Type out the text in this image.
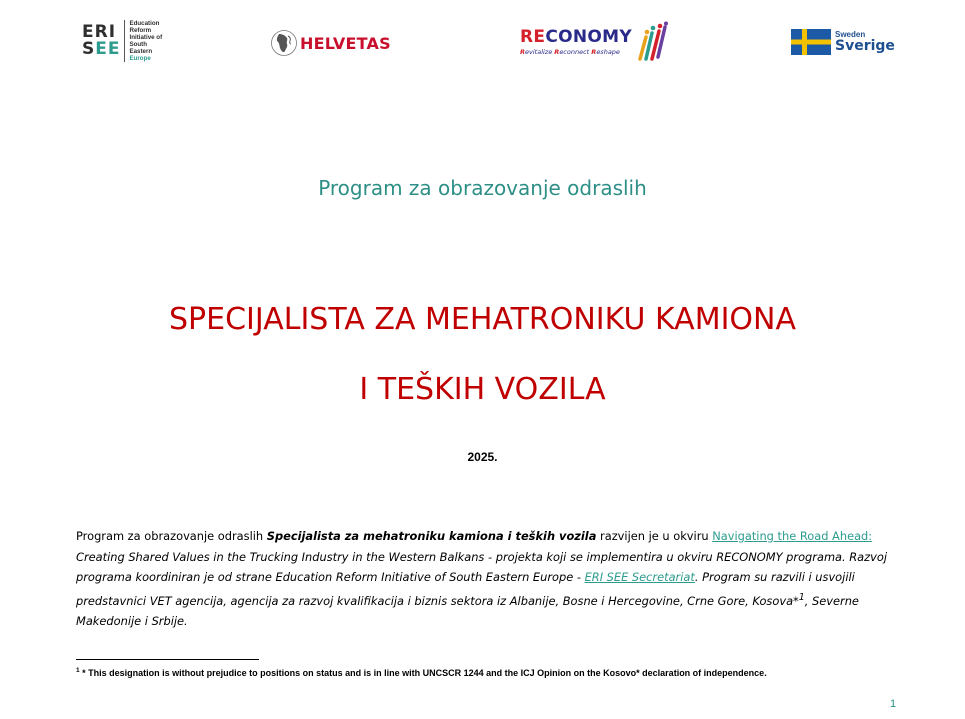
ERI
SEE
Education
Reform
Initiative of
South
Eastern
Europe
HELVETAS	RECONOMY
Revitalize Reconnect Reshape
Sweden
Sverige
Program za obrazovanje odraslih
SPECIJALISTA ZA MEHATRONIKU KAMIONA
I TEŠKIH VOZILA
2025.

Program za obrazovanje odraslih Specijalista za mehatroniku kamiona i teških vozila razvijen je u okviru Navigating the Road Ahead: Creating Shared Values in the Trucking Industry in the Western Balkans - projekta koji se implementira u okviru RECONOMY programa. Razvoj programa koordiniran je od strane Education Reform Initiative of South Eastern Europe - ERI SEE Secretariat. Program su razvili i usvojili predstavnici VET agencija, agencija za razvoj kvalifikacija i biznis sektora iz Albanije, Bosne i Hercegovine, Crne Gore, Kosova*$^1$, Severne Makedonije i Srbije.

$^1$ * This designation is without prejudice to positions on status and is in line with UNCSCR 1244 and the ICJ Opinion on the Kosovo* declaration of independence.
1
